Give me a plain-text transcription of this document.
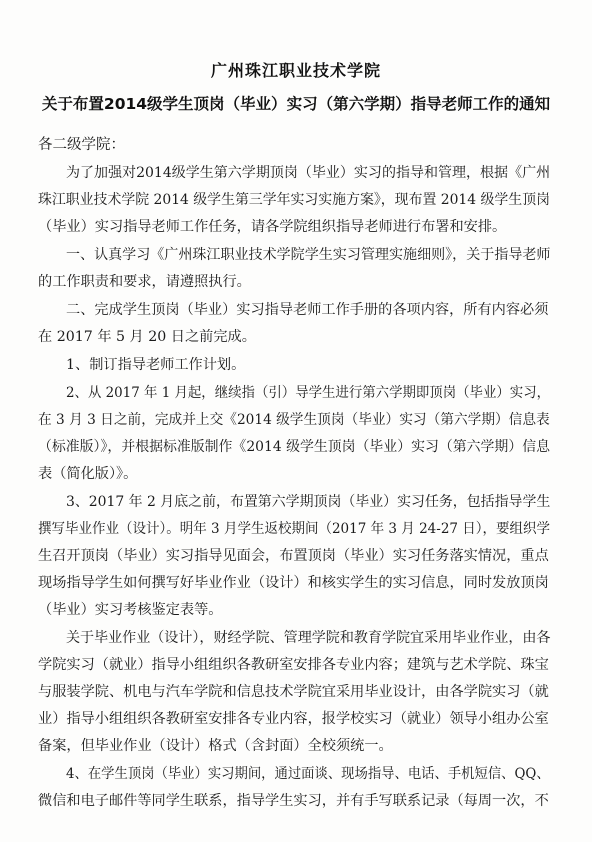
广州珠江职业技术学院
关于布置2014级学生顶岗（毕业）实习（第六学期）指导老师工作的通知
各二级学院：
为了加强对2014级学生第六学期顶岗（毕业）实习的指导和管理，根据《广州
珠江职业技术学院 2014 级学生第三学年实习实施方案》，现布置 2014 级学生顶岗
（毕业）实习指导老师工作任务，请各学院组织指导老师进行布署和安排。
一、认真学习《广州珠江职业技术学院学生实习管理实施细则》，关于指导老师
的工作职责和要求，请遵照执行。
二、完成学生顶岗（毕业）实习指导老师工作手册的各项内容，所有内容必须
在 2017 年 5 月 20 日之前完成。
1、制订指导老师工作计划。
2、从 2017 年 1 月起，继续指（引）导学生进行第六学期即顶岗（毕业）实习，
在 3 月 3 日之前，完成并上交《2014 级学生顶岗（毕业）实习（第六学期）信息表
（标准版）》，并根据标准版制作《2014 级学生顶岗（毕业）实习（第六学期）信息
表（简化版）》。
3、2017 年 2 月底之前，布置第六学期顶岗（毕业）实习任务，包括指导学生
撰写毕业作业（设计）。明年 3 月学生返校期间（2017 年 3 月 24-27 日），要组织学
生召开顶岗（毕业）实习指导见面会，布置顶岗（毕业）实习任务落实情况，重点
现场指导学生如何撰写好毕业作业（设计）和核实学生的实习信息，同时发放顶岗
（毕业）实习考核鉴定表等。
关于毕业作业（设计），财经学院、管理学院和教育学院宜采用毕业作业，由各
学院实习（就业）指导小组组织各教研室安排各专业内容；建筑与艺术学院、珠宝
与服装学院、机电与汽车学院和信息技术学院宜采用毕业设计，由各学院实习（就
业）指导小组组织各教研室安排各专业内容，报学校实习（就业）领导小组办公室
备案，但毕业作业（设计）格式（含封面）全校须统一。
4、在学生顶岗（毕业）实习期间，通过面谈、现场指导、电话、手机短信、QQ、
微信和电子邮件等同学生联系，指导学生实习，并有手写联系记录（每周一次，不
